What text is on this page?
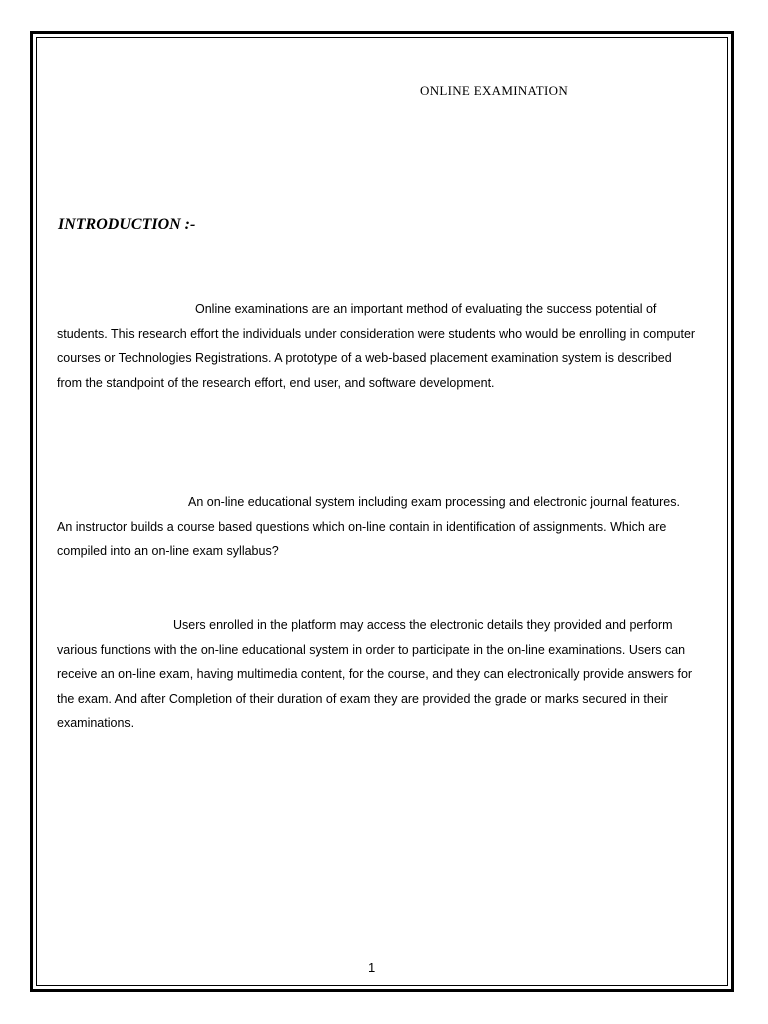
ONLINE EXAMINATION
INTRODUCTION :-

Online examinations are an important method of evaluating the success potential of students. This research effort the individuals under consideration were students who would be enrolling in computer courses or Technologies Registrations. A prototype of a web-based placement examination system is described from the standpoint of the research effort, end user, and software development.

An on-line educational system including exam processing and electronic journal features. An instructor builds a course based questions which on-line contain in identification of assignments. Which are compiled into an on-line exam syllabus?

Users enrolled in the platform may access the electronic details they provided and perform various functions with the on-line educational system in order to participate in the on-line examinations. Users can receive an on-line exam, having multimedia content, for the course, and they can electronically provide answers for the exam. And after Completion of their duration of exam they are provided the grade or marks secured in their examinations.

1
